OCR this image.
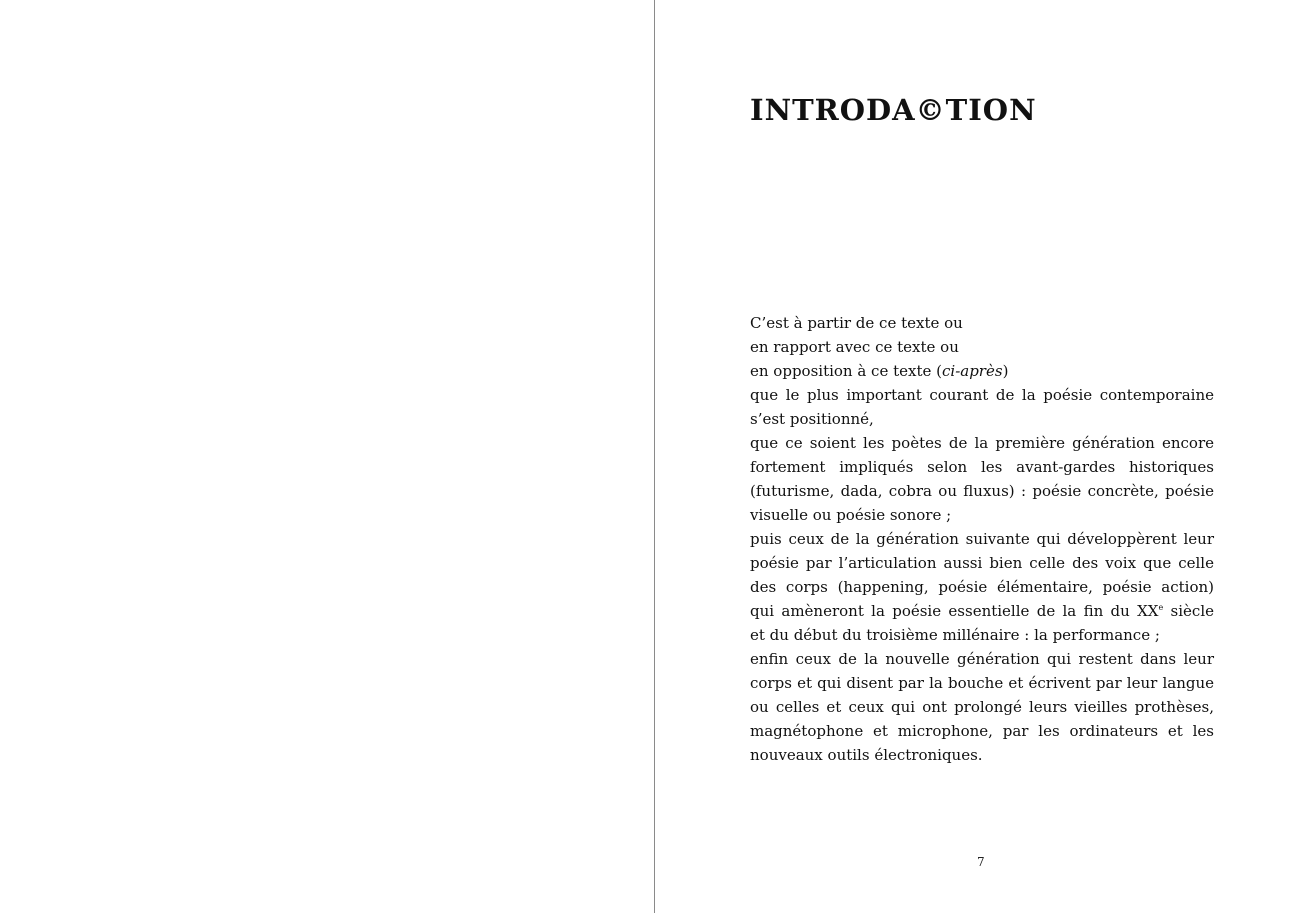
INTRODA©TION
C’est à partir de ce texte ou
en rapport avec ce texte ou
en opposition à ce texte (ci-après)
que le plus important courant de la poésie contemporaine
s’est positionné,
que ce soient les poètes de la première génération encore
fortement impliqués selon les avant-gardes historiques
(futurisme, dada, cobra ou fluxus) : poésie concrète, poésie
visuelle ou poésie sonore ;
puis ceux de la génération suivante qui développèrent leur
poésie par l’articulation aussi bien celle des voix que celle
des corps (happening, poésie élémentaire, poésie action)
qui amèneront la poésie essentielle de la fin du XXe siècle
et du début du troisième millénaire : la performance ;
enfin ceux de la nouvelle génération qui restent dans leur
corps et qui disent par la bouche et écrivent par leur langue
ou celles et ceux qui ont prolongé leurs vieilles prothèses,
magnétophone et microphone, par les ordinateurs et les
nouveaux outils électroniques.
7
